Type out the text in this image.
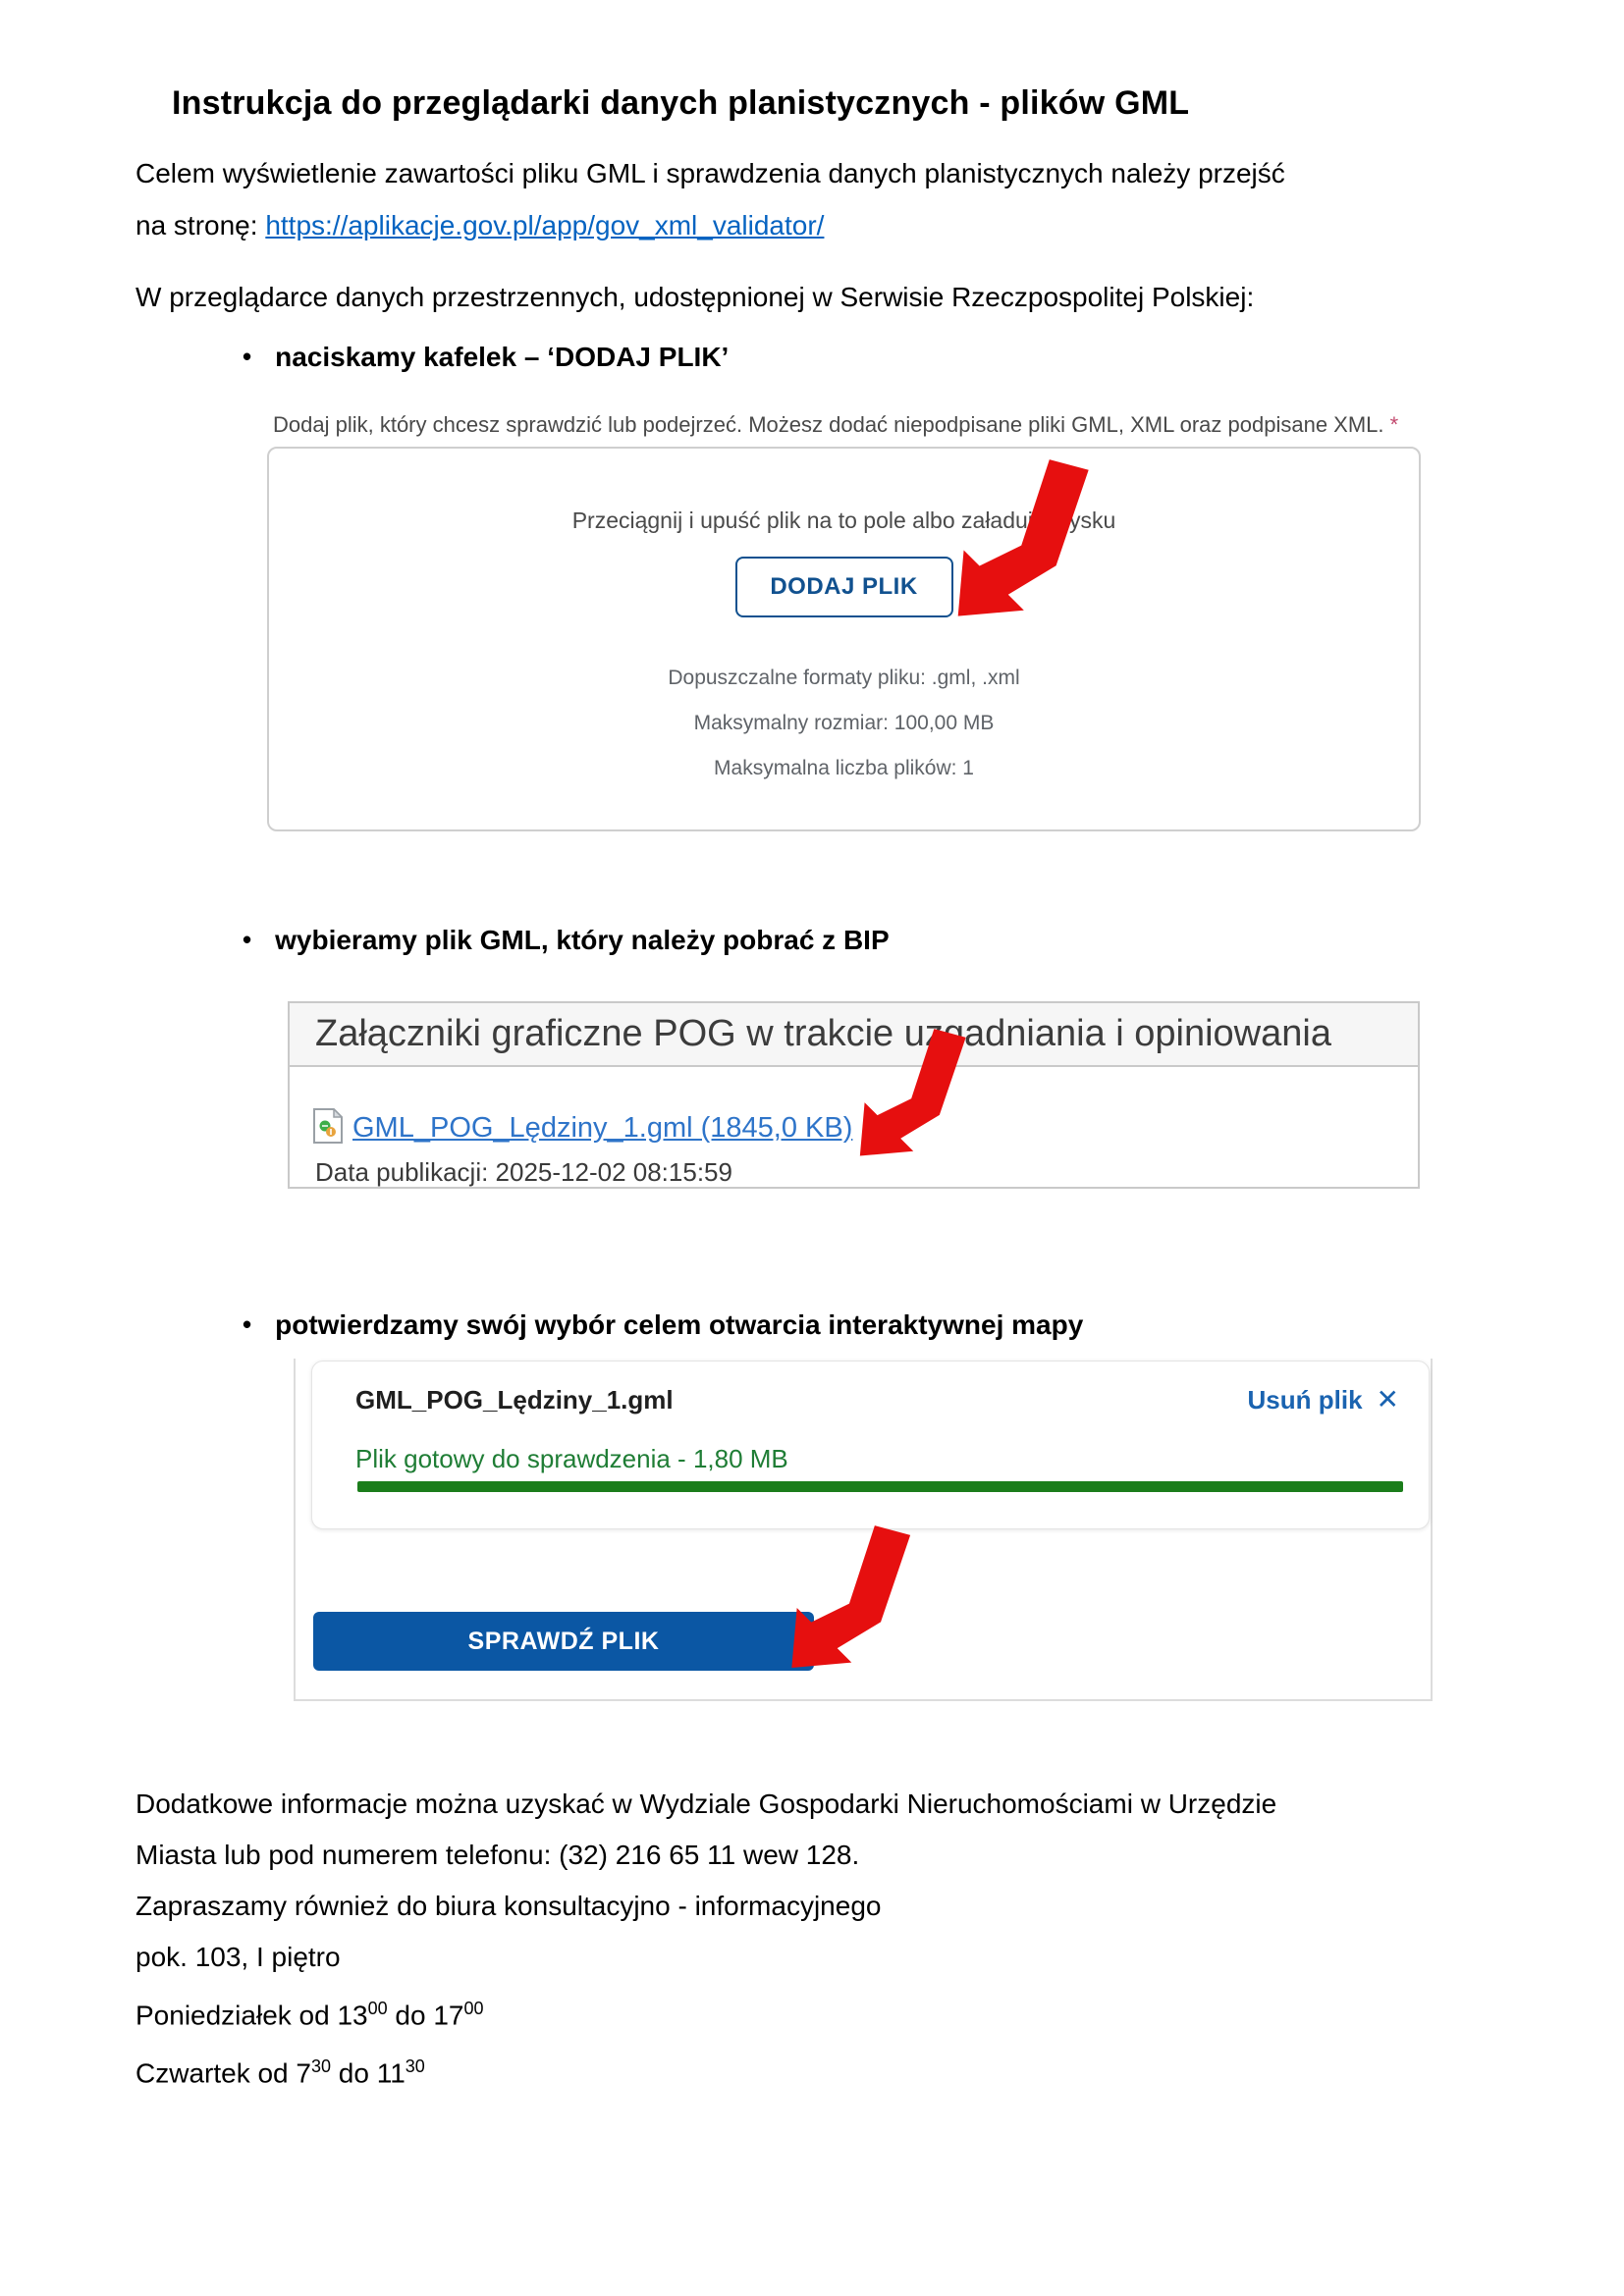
Instrukcja do przeglądarki danych planistycznych - plików GML
Celem wyświetlenie zawartości pliku GML i sprawdzenia danych planistycznych należy przejść
na stronę: https://aplikacje.gov.pl/app/gov_xml_validator/
W przeglądarce danych przestrzennych, udostępnionej w Serwisie Rzeczpospolitej Polskiej:
• naciskamy kafelek – ‘DODAJ PLIK’
Dodaj plik, który chcesz sprawdzić lub podejrzeć. Możesz dodać niepodpisane pliki GML, XML oraz podpisane XML. *
Przeciągnij i upuść plik na to pole albo załaduj z dysku
DODAJ PLIK
Dopuszczalne formaty pliku: .gml, .xml
Maksymalny rozmiar: 100,00 MB
Maksymalna liczba plików: 1
• wybieramy plik GML, który należy pobrać z BIP
Załączniki graficzne POG w trakcie uzgadniania i opiniowania
GML_POG_Lędziny_1.gml (1845,0 KB)
Data publikacji: 2025-12-02 08:15:59
• potwierdzamy swój wybór celem otwarcia interaktywnej mapy
GML_POG_Lędziny_1.gml	Usuń plik ✕
Plik gotowy do sprawdzenia - 1,80 MB
SPRAWDŹ PLIK
Dodatkowe informacje można uzyskać w Wydziale Gospodarki Nieruchomościami w Urzędzie
Miasta lub pod numerem telefonu: (32) 216 65 11 wew 128.
Zapraszamy również do biura konsultacyjno - informacyjnego
pok. 103, I piętro
Poniedziałek od $13^{00}$ do $17^{00}$
Czwartek od $7^{30}$ do $11^{30}$
